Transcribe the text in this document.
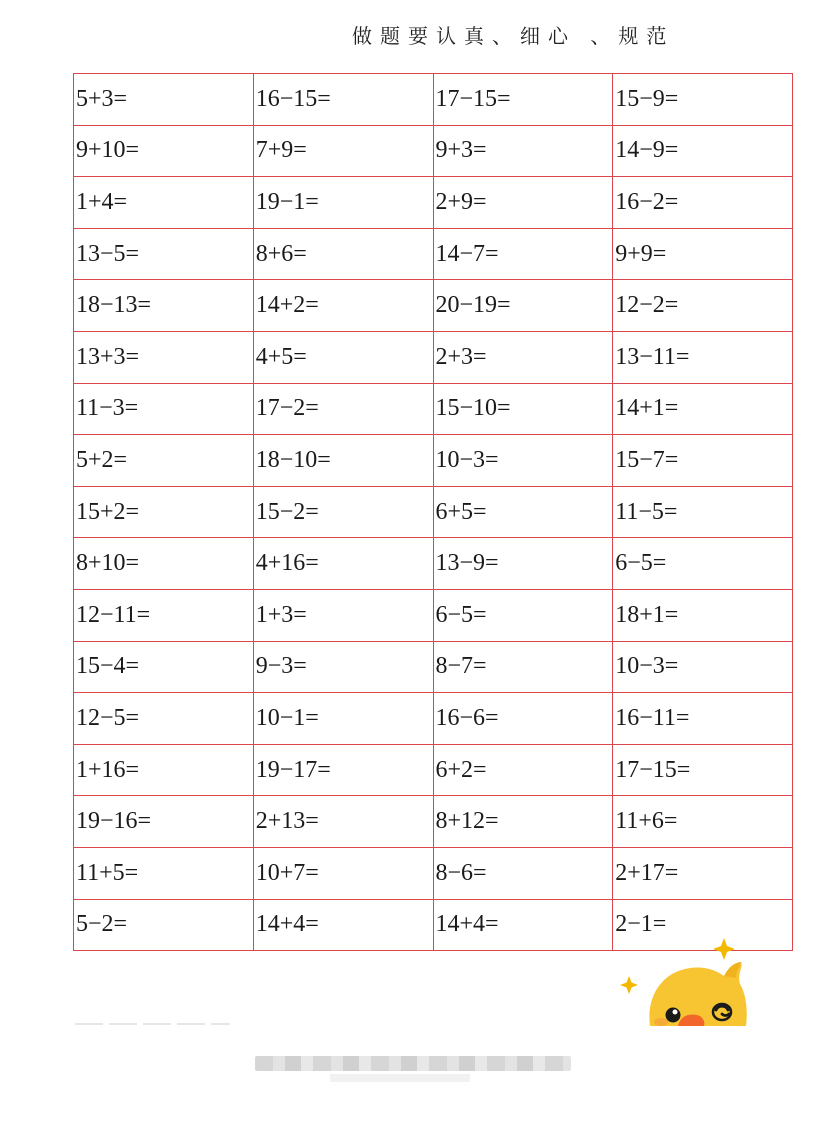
做题要认真、细心 、规范
5+3=	16−15=	17−15=	15−9=
9+10=	7+9=	9+3=	14−9=
1+4=	19−1=	2+9=	16−2=
13−5=	8+6=	14−7=	9+9=
18−13=	14+2=	20−19=	12−2=
13+3=	4+5=	2+3=	13−11=
11−3=	17−2=	15−10=	14+1=
5+2=	18−10=	10−3=	15−7=
15+2=	15−2=	6+5=	11−5=
8+10=	4+16=	13−9=	6−5=
12−11=	1+3=	6−5=	18+1=
15−4=	9−3=	8−7=	10−3=
12−5=	10−1=	16−6=	16−11=
1+16=	19−17=	6+2=	17−15=
19−16=	2+13=	8+12=	11+6=
11+5=	10+7=	8−6=	2+17=
5−2=	14+4=	14+4=	2−1=
